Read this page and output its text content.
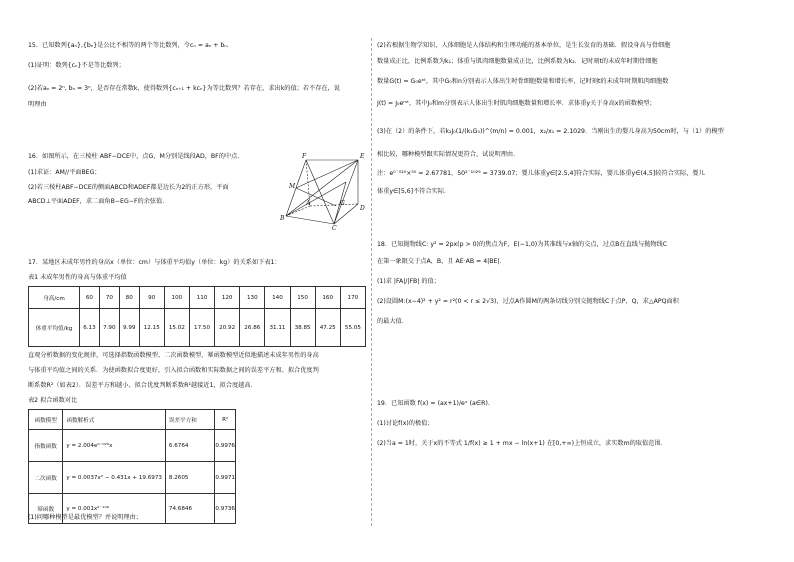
15．已知数列{aₙ},{bₙ}是公比不相等的两个等比数列，令cₙ = aₙ + bₙ.
(1)证明：数列{cₙ}不是等比数列；
(2)若aₙ = 2ⁿ, bₙ = 3ⁿ，是否存在常数k，使得数列{cₙ₊₁ + kcₙ}为等比数列？若存在，求出k的值；若不存在，说
明理由
16．如图所示，在三棱柱 ABF−DCE中，点G，M分别是线段AD，BF的中点.
(1)求证：AM//平面BEG；
(2)若三棱柱ABF−DCE的侧面ABCD和ADEF都是边长为2的正方形，平面
ABCD⊥平面ADEF，求二面角B−EG−F的余弦值.
F	E
M
A	G
D
B
C
17．某地区未成年男性的身高x（单位：cm）与体重平均值y（单位：kg）的关系如下表1：
表1 未成年男性的身高与体重平均值
身高/cm	60	70	80	90	100	110	120	130	140	150	160	170
体重平均值/kg	6.13	7.90	9.99	12.15	15.02	17.50	20.92	26.86	31.11	38.85	47.25	55.05
直观分析数据的变化规律，可选择指数函数模型、二次函数模型、幂函数模型近似地描述未成年男性的身高
与体重平均值之间的关系．为使函数拟合度更好，引入拟合函数和实际数据之间的误差平方和、拟合优度判
断系数R²（如表2）．误差平方和越小、拟合优度判断系数R²越接近1，拟合度越高．
表2 拟合函数对比
函数模型	函数解析式	误差平方和	R²
指数函数	y = 2.004e⁰˙⁰²⁰x	6.6764	0.9976
二次函数	y = 0.0037x² − 0.431x + 19.6973	8.2605	0.9971
幂函数	y = 0.001x²˙¹⁰⁹	74.6846	0.9736
(1)问哪种模型是最优模型？并说明理由；
(2)若根据生物学知识，人体细胞是人体结构和生理功能的基本单位，是生长发育的基础．假设身高与骨细胞
数量成正比，比例系数为k₁；体重与肌肉细胞数量成正比，比例系数为k₂．记时刻t的未成年时期骨细胞
数量G(t) = G₀eⁿᵗ，其中G₀和n分别表示人体出生时骨细胞数量和增长率，记时刻t的未成年时期肌肉细胞数
J(t) = J₀eᵐᵗ，其中J₀和m分别表示人体出生时肌肉细胞数量和增长率．求体重y关于身高x的函数模型；
(3)在（2）的条件下，若k₂J₀(1/(k₁G₀))^(m/n) = 0.001，x₂/x₁ = 2.1029．当刚出生的婴儿身高为50cm时，与（1）的模型
相比较，哪种模型跟实际情况更符合，试说明理由．
注：e⁰˙⁰²⁰×⁵⁰ ≈ 2.67781，50²˙¹⁰²⁹ ≈ 3739.07；婴儿体重y∈[2.5,4]符合实际，婴儿体重y∈(4,5]较符合实际，婴儿
体重y∈[5,6]不符合实际．
18．已知抛物线C: y² = 2px(p > 0)的焦点为F，E(−1,0)为其准线与x轴的交点，过点B在直线与抛物线C
在第一象限交于点A，B，且 AE·AB = 4|BE|.
(1)求 |FA|/|FB| 的值；
(2)设圆M:(x−4)² + y² = r²(0 < r ≤ 2√3)，过点A作圆M的两条切线分别交抛物线C于点P，Q，求△APQ面积
的最大值．
19．已知函数 f(x) = (ax+1)/eˣ (a∈R).
(1)讨论f(x)的极值；
(2)当a = 1时，关于x的不等式 1/f(x) ≥ 1 + mx − ln(x+1) 在[0,+∞)上恒成立，求实数m的取值范围．
